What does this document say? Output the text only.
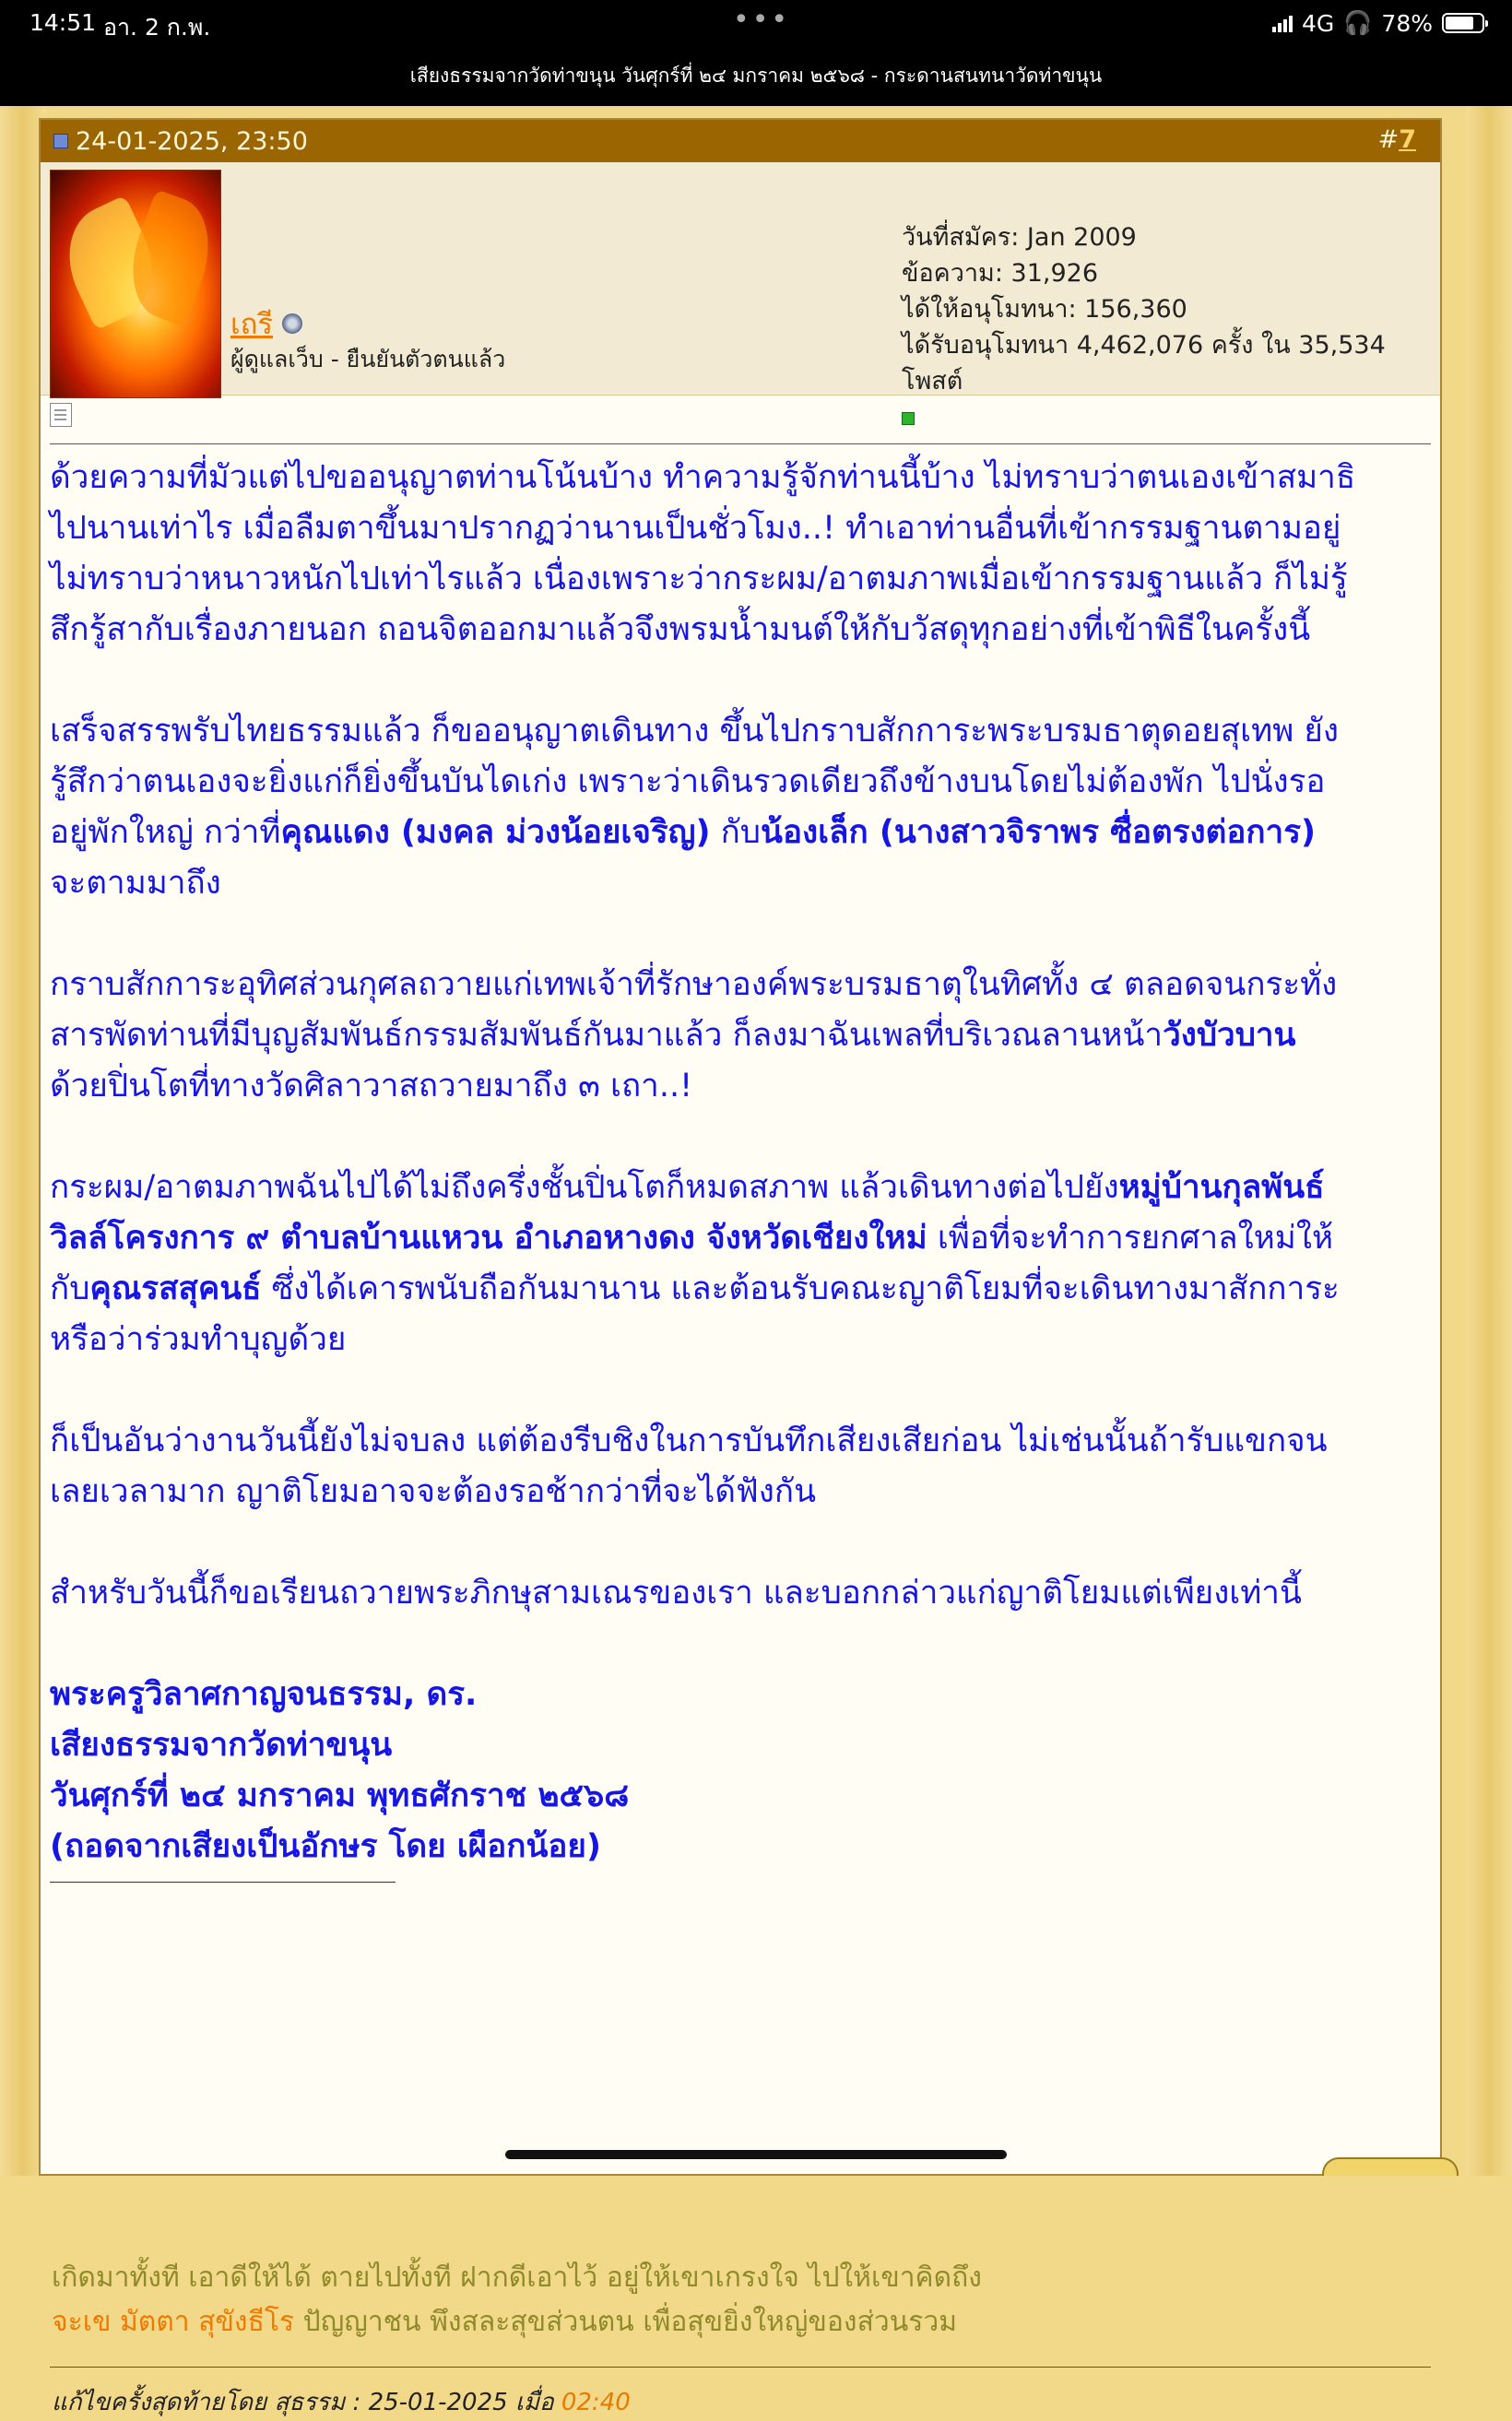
14:51 อา. 2 ก.พ.	•••	4G 🎧 78%
เสียงธรรมจากวัดท่าขนุน วันศุกร์ที่ ๒๔ มกราคม ๒๕๖๘ - กระดานสนทนาวัดท่าขนุน
24-01-2025, 23:50	#7
เถรี
ผู้ดูแลเว็บ - ยืนยันตัวตนแล้ว
วันที่สมัคร: Jan 2009
ข้อความ: 31,926
ได้ให้อนุโมทนา: 156,360
ได้รับอนุโมทนา 4,462,076 ครั้ง ใน 35,534 โพสต์

ด้วยความที่มัวแต่ไปขออนุญาตท่านโน้นบ้าง ทำความรู้จักท่านนี้บ้าง ไม่ทราบว่าตนเองเข้าสมาธิ
ไปนานเท่าไร เมื่อลืมตาขึ้นมาปรากฏว่านานเป็นชั่วโมง..! ทำเอาท่านอื่นที่เข้ากรรมฐานตามอยู่
ไม่ทราบว่าหนาวหนักไปเท่าไรแล้ว เนื่องเพราะว่ากระผม/อาตมภาพเมื่อเข้ากรรมฐานแล้ว ก็ไม่รู้
สึกรู้สากับเรื่องภายนอก ถอนจิตออกมาแล้วจึงพรมน้ำมนต์ให้กับวัสดุทุกอย่างที่เข้าพิธีในครั้งนี้

เสร็จสรรพรับไทยธรรมแล้ว ก็ขออนุญาตเดินทาง ขึ้นไปกราบสักการะพระบรมธาตุดอยสุเทพ ยัง
รู้สึกว่าตนเองจะยิ่งแก่ก็ยิ่งขึ้นบันไดเก่ง เพราะว่าเดินรวดเดียวถึงข้างบนโดยไม่ต้องพัก ไปนั่งรอ
อยู่พักใหญ่ กว่าที่คุณแดง (มงคล ม่วงน้อยเจริญ) กับน้องเล็ก (นางสาวจิราพร ซื่อตรงต่อการ)
จะตามมาถึง

กราบสักการะอุทิศส่วนกุศลถวายแก่เทพเจ้าที่รักษาองค์พระบรมธาตุในทิศทั้ง ๔ ตลอดจนกระทั่ง
สารพัดท่านที่มีบุญสัมพันธ์กรรมสัมพันธ์กันมาแล้ว ก็ลงมาฉันเพลที่บริเวณลานหน้าวังบัวบาน
ด้วยปิ่นโตที่ทางวัดศิลาวาสถวายมาถึง ๓ เถา..!

กระผม/อาตมภาพฉันไปได้ไม่ถึงครึ่งชั้นปิ่นโตก็หมดสภาพ แล้วเดินทางต่อไปยังหมู่บ้านกุลพันธ์
วิลล์โครงการ ๙ ตำบลบ้านแหวน อำเภอหางดง จังหวัดเชียงใหม่ เพื่อที่จะทำการยกศาลใหม่ให้
กับคุณรสสุคนธ์ ซึ่งได้เคารพนับถือกันมานาน และต้อนรับคณะญาติโยมที่จะเดินทางมาสักการะ
หรือว่าร่วมทำบุญด้วย

ก็เป็นอันว่างานวันนี้ยังไม่จบลง แต่ต้องรีบชิงในการบันทึกเสียงเสียก่อน ไม่เช่นนั้นถ้ารับแขกจน
เลยเวลามาก ญาติโยมอาจจะต้องรอช้ากว่าที่จะได้ฟังกัน

สำหรับวันนี้ก็ขอเรียนถวายพระภิกษุสามเณรของเรา และบอกกล่าวแก่ญาติโยมแต่เพียงเท่านี้

พระครูวิลาศกาญจนธรรม, ดร.
เสียงธรรมจากวัดท่าขนุน
วันศุกร์ที่ ๒๔ มกราคม พุทธศักราช ๒๕๖๘
(ถอดจากเสียงเป็นอักษร โดย เผือกน้อย)
เกิดมาทั้งที เอาดีให้ได้ ตายไปทั้งที ฝากดีเอาไว้ อยู่ให้เขาเกรงใจ ไปให้เขาคิดถึง
จะเข มัตตา สุขังธีโร ปัญญาชน พึงสละสุขส่วนตน เพื่อสุขยิ่งใหญ่ของส่วนรวม
แก้ไขครั้งสุดท้ายโดย สุธรรม : 25-01-2025 เมื่อ 02:40
